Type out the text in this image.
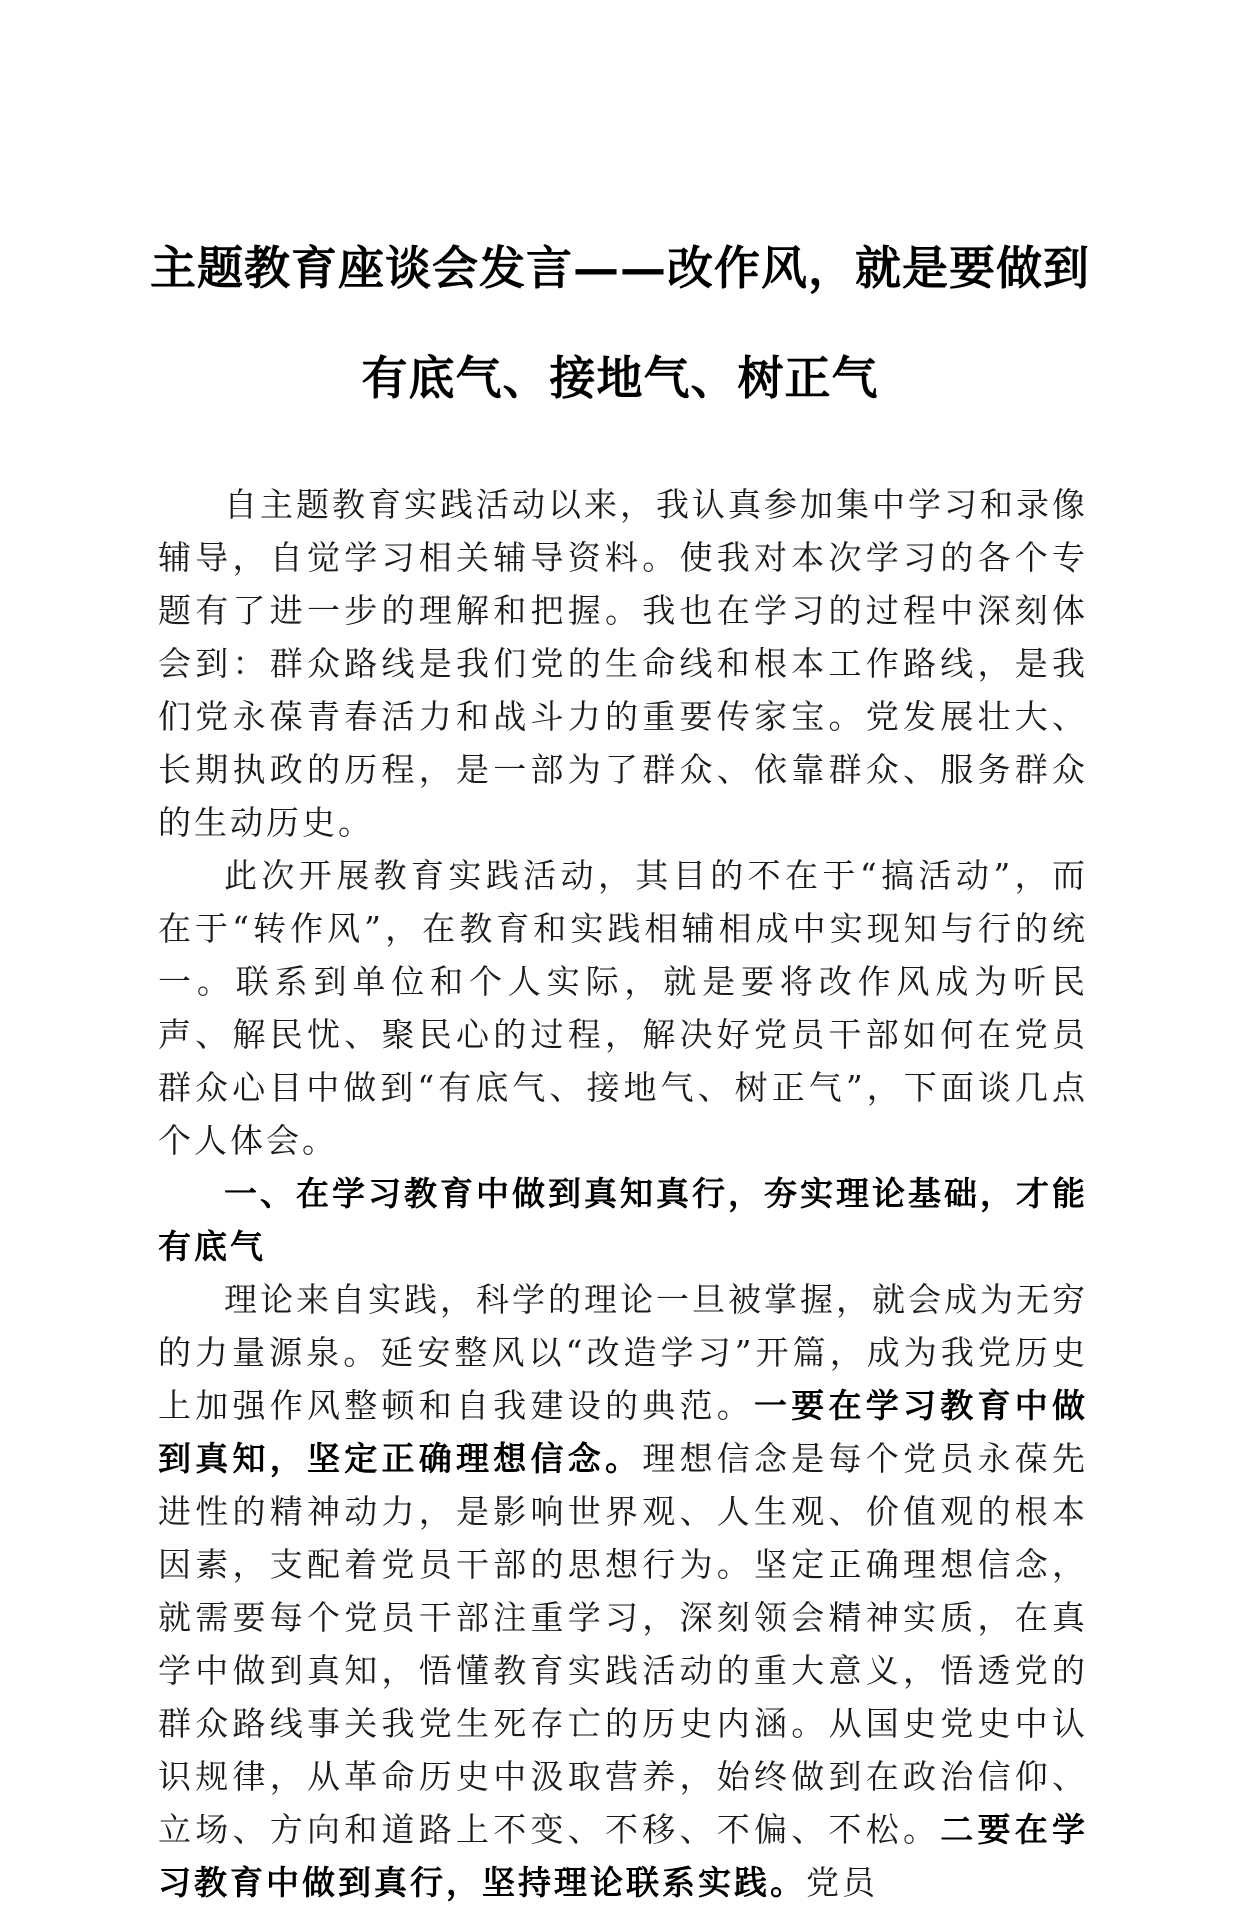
主题教育座谈会发言——改作风，就是要做到
有底气、接地气、树正气

自主题教育实践活动以来，我认真参加集中学习和录像辅导，自觉学习相关辅导资料。使我对本次学习的各个专题有了进一步的理解和把握。我也在学习的过程中深刻体会到：群众路线是我们党的生命线和根本工作路线，是我们党永葆青春活力和战斗力的重要传家宝。党发展壮大、长期执政的历程，是一部为了群众、依靠群众、服务群众的生动历史。

此次开展教育实践活动，其目的不在于“搞活动”，而在于“转作风”，在教育和实践相辅相成中实现知与行的统一。联系到单位和个人实际，就是要将改作风成为听民声、解民忧、聚民心的过程，解决好党员干部如何在党员群众心目中做到“有底气、接地气、树正气”，下面谈几点个人体会。

一、在学习教育中做到真知真行，夯实理论基础，才能有底气

理论来自实践，科学的理论一旦被掌握，就会成为无穷的力量源泉。延安整风以“改造学习”开篇，成为我党历史上加强作风整顿和自我建设的典范。一要在学习教育中做到真知，坚定正确理想信念。理想信念是每个党员永葆先进性的精神动力，是影响世界观、人生观、价值观的根本因素，支配着党员干部的思想行为。坚定正确理想信念，就需要每个党员干部注重学习，深刻领会精神实质，在真学中做到真知，悟懂教育实践活动的重大意义，悟透党的群众路线事关我党生死存亡的历史内涵。从国史党史中认识规律，从革命历史中汲取营养，始终做到在政治信仰、立场、方向和道路上不变、不移、不偏、不松。二要在学习教育中做到真行，坚持理论联系实践。党员
